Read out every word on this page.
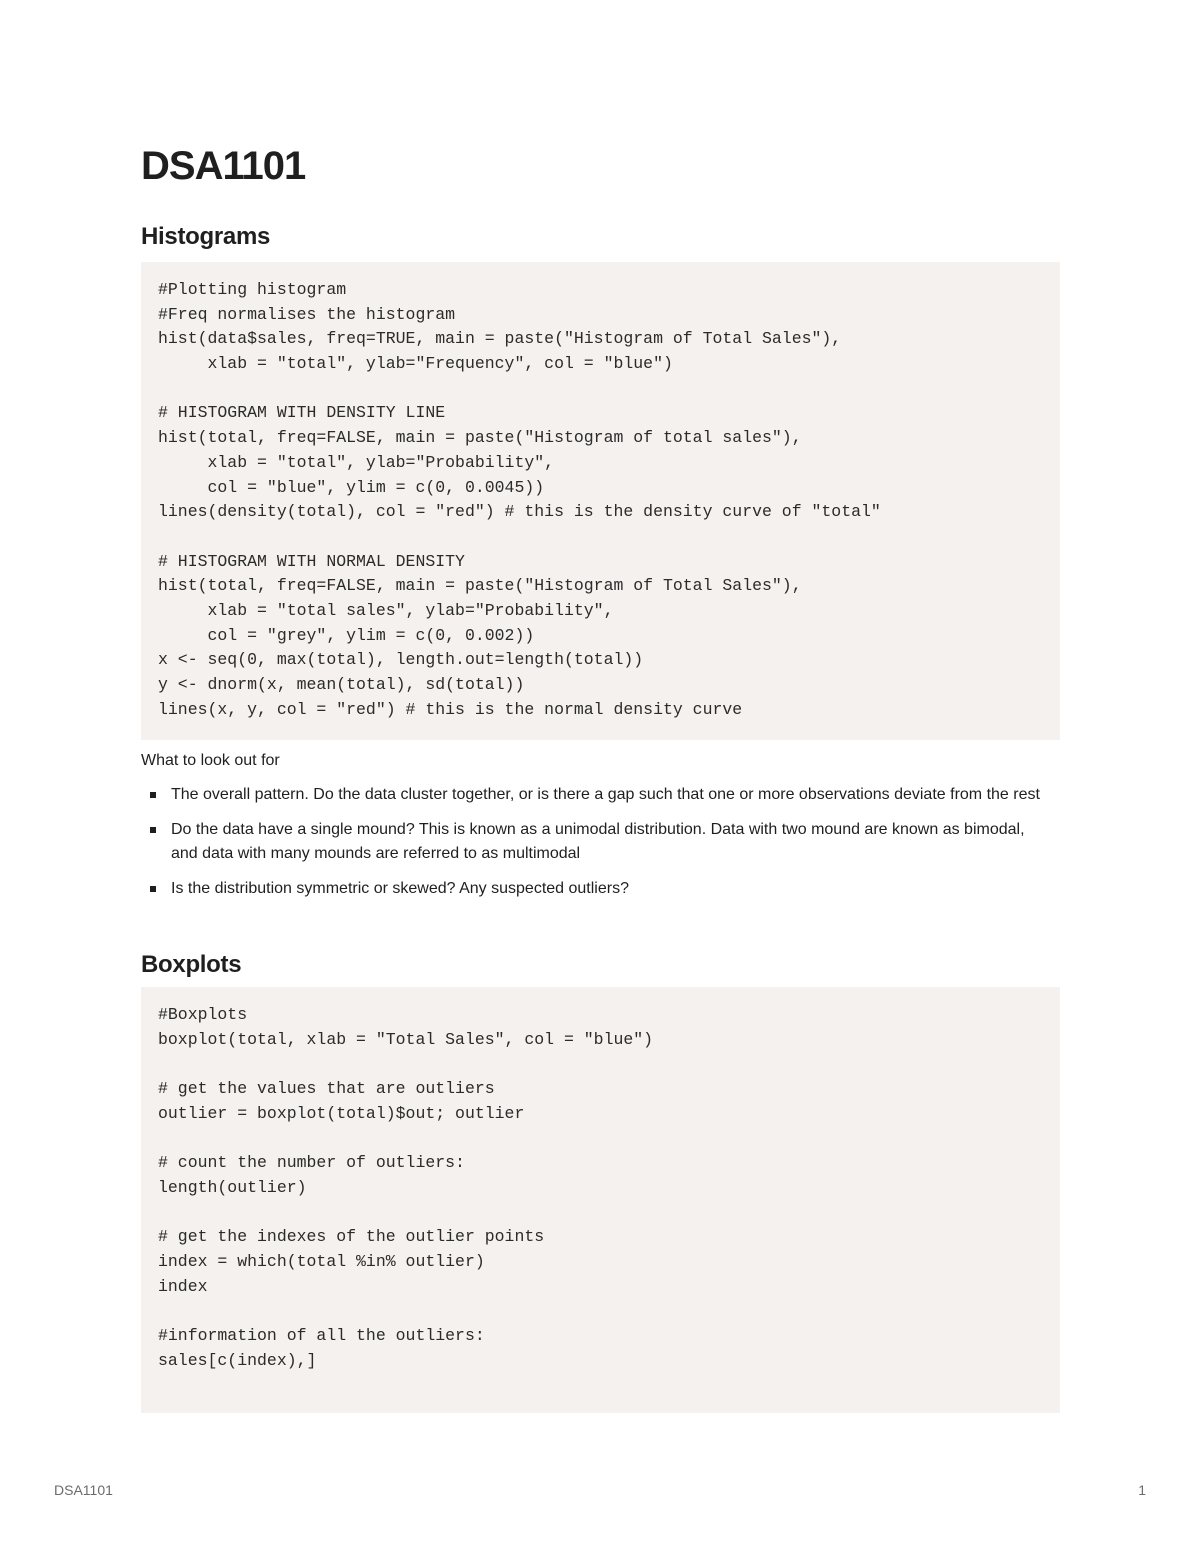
DSA1101
Histograms
#Plotting histogram
#Freq normalises the histogram
hist(data$sales, freq=TRUE, main = paste("Histogram of Total Sales"),
xlab = "total", ylab="Frequency", col = "blue")
# HISTOGRAM WITH DENSITY LINE
hist(total, freq=FALSE, main = paste("Histogram of total sales"),
xlab = "total", ylab="Probability",
col = "blue", ylim = c(0, 0.0045))
lines(density(total), col = "red") # this is the density curve of "total"
# HISTOGRAM WITH NORMAL DENSITY
hist(total, freq=FALSE, main = paste("Histogram of Total Sales"),
xlab = "total sales", ylab="Probability",
col = "grey", ylim = c(0, 0.002))
x <- seq(0, max(total), length.out=length(total))
y <- dnorm(x, mean(total), sd(total))
lines(x, y, col = "red") # this is the normal density curve

What to look out for

The overall pattern. Do the data cluster together, or is there a gap such that one or more observations deviate from the rest
Do the data have a single mound? This is known as a unimodal distribution. Data with two mound are known as bimodal, and data with many mounds are referred to as multimodal
Is the distribution symmetric or skewed? Any suspected outliers?
Boxplots
#Boxplots
boxplot(total, xlab = "Total Sales", col = "blue")
# get the values that are outliers
outlier = boxplot(total)$out; outlier
# count the number of outliers:
length(outlier)
# get the indexes of the outlier points
index = which(total %in% outlier)
index
#information of all the outliers:
sales[c(index),]
DSA1101	1
